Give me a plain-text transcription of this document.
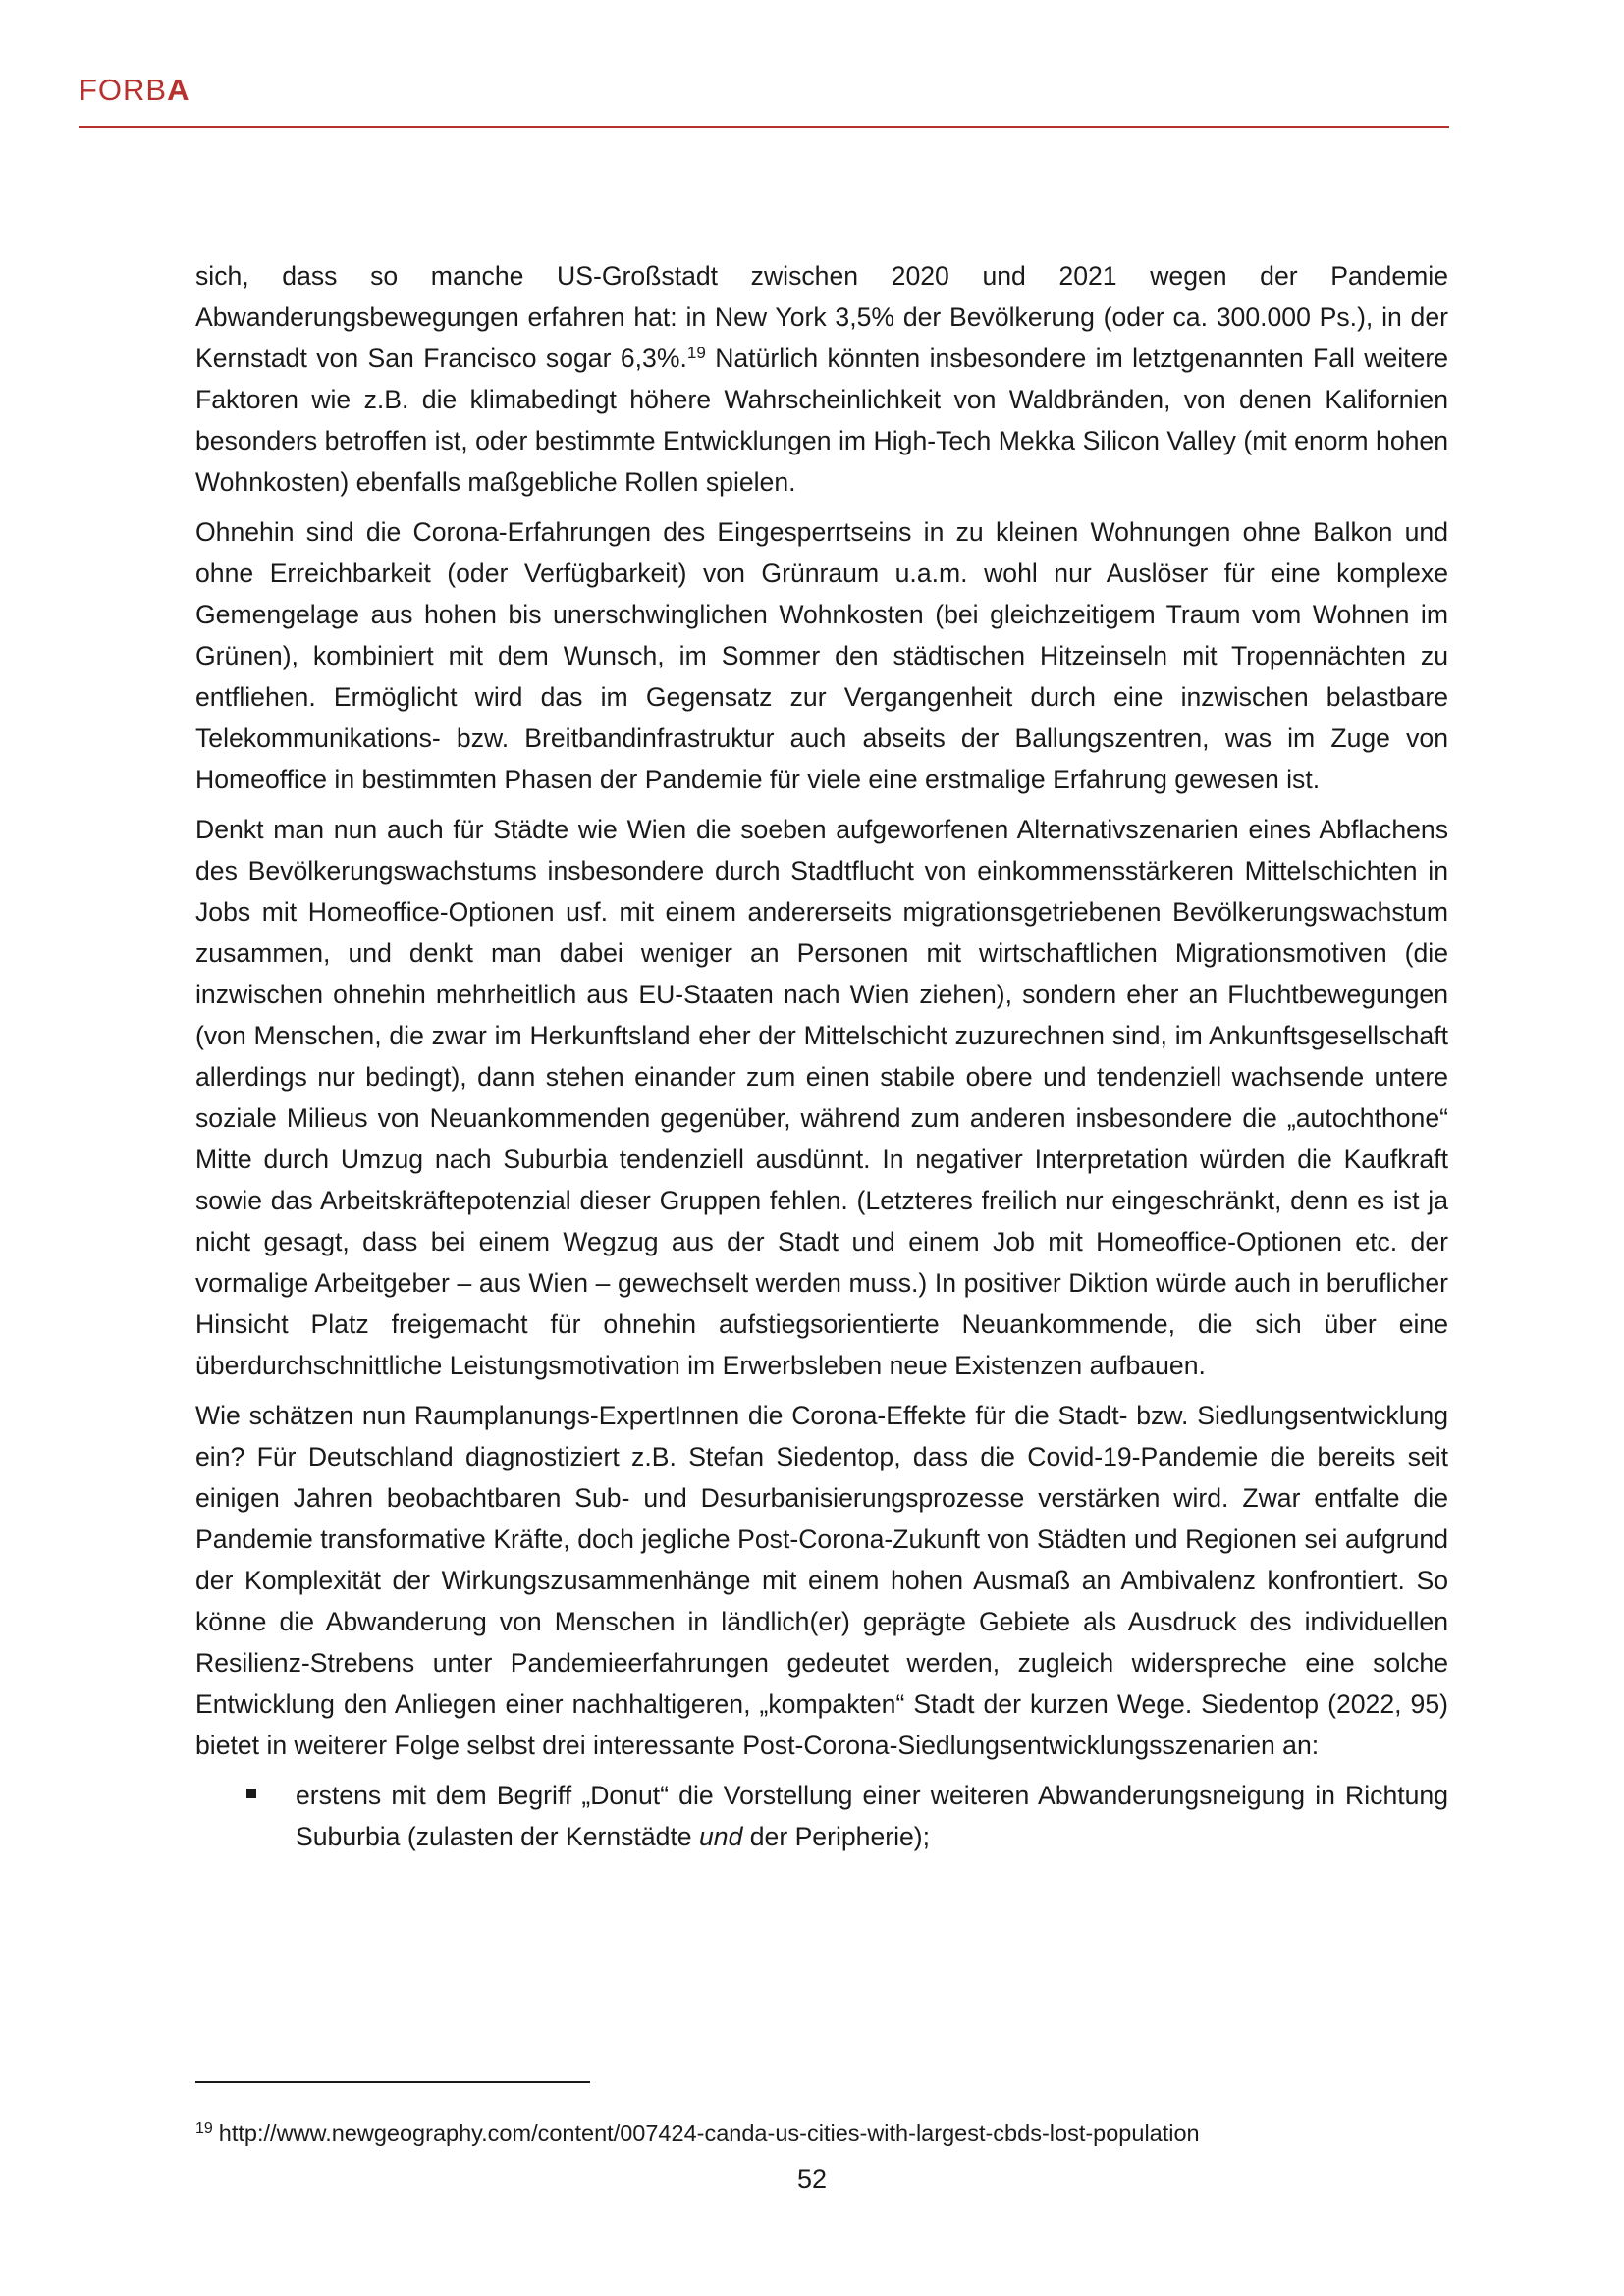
FORBA

sich, dass so manche US-Großstadt zwischen 2020 und 2021 wegen der Pandemie Abwanderungsbewegungen erfahren hat: in New York 3,5% der Bevölkerung (oder ca. 300.000 Ps.), in der Kernstadt von San Francisco sogar 6,3%.$^{19}$ Natürlich könnten insbesondere im letztgenannten Fall weitere Faktoren wie z.B. die klimabedingt höhere Wahrscheinlichkeit von Waldbränden, von denen Kalifornien besonders betroffen ist, oder bestimmte Entwicklungen im High-Tech Mekka Silicon Valley (mit enorm hohen Wohnkosten) ebenfalls maßgebliche Rollen spielen.

Ohnehin sind die Corona-Erfahrungen des Eingesperrtseins in zu kleinen Wohnungen ohne Balkon und ohne Erreichbarkeit (oder Verfügbarkeit) von Grünraum u.a.m. wohl nur Auslöser für eine komplexe Gemengelage aus hohen bis unerschwinglichen Wohnkosten (bei gleichzeitigem Traum vom Wohnen im Grünen), kombiniert mit dem Wunsch, im Sommer den städtischen Hitzeinseln mit Tropennächten zu entfliehen. Ermöglicht wird das im Gegensatz zur Vergangenheit durch eine inzwischen belastbare Telekommunikations- bzw. Breitbandinfrastruktur auch abseits der Ballungszentren, was im Zuge von Homeoffice in bestimmten Phasen der Pandemie für viele eine erstmalige Erfahrung gewesen ist.

Denkt man nun auch für Städte wie Wien die soeben aufgeworfenen Alternativszenarien eines Abflachens des Bevölkerungswachstums insbesondere durch Stadtflucht von einkommensstärkeren Mittelschichten in Jobs mit Homeoffice-Optionen usf. mit einem andererseits migrationsgetriebenen Bevölkerungswachstum zusammen, und denkt man dabei weniger an Personen mit wirtschaftlichen Migrationsmotiven (die inzwischen ohnehin mehrheitlich aus EU-Staaten nach Wien ziehen), sondern eher an Fluchtbewegungen (von Menschen, die zwar im Herkunftsland eher der Mittelschicht zuzurechnen sind, im Ankunftsgesellschaft allerdings nur bedingt), dann stehen einander zum einen stabile obere und tendenziell wachsende untere soziale Milieus von Neuankommenden gegenüber, während zum anderen insbesondere die „autochthone“ Mitte durch Umzug nach Suburbia tendenziell ausdünnt. In negativer Interpretation würden die Kaufkraft sowie das Arbeitskräftepotenzial dieser Gruppen fehlen. (Letzteres freilich nur eingeschränkt, denn es ist ja nicht gesagt, dass bei einem Wegzug aus der Stadt und einem Job mit Homeoffice-Optionen etc. der vormalige Arbeitgeber – aus Wien – gewechselt werden muss.) In positiver Diktion würde auch in beruflicher Hinsicht Platz freigemacht für ohnehin aufstiegsorientierte Neuankommende, die sich über eine überdurchschnittliche Leistungsmotivation im Erwerbsleben neue Existenzen aufbauen.

Wie schätzen nun Raumplanungs-ExpertInnen die Corona-Effekte für die Stadt- bzw. Siedlungsentwicklung ein? Für Deutschland diagnostiziert z.B. Stefan Siedentop, dass die Covid-19-Pandemie die bereits seit einigen Jahren beobachtbaren Sub- und Desurbanisierungsprozesse verstärken wird. Zwar entfalte die Pandemie transformative Kräfte, doch jegliche Post-Corona-Zukunft von Städten und Regionen sei aufgrund der Komplexität der Wirkungszusammenhänge mit einem hohen Ausmaß an Ambivalenz konfrontiert. So könne die Abwanderung von Menschen in ländlich(er) geprägte Gebiete als Ausdruck des individuellen Resilienz-Strebens unter Pandemieerfahrungen gedeutet werden, zugleich widerspreche eine solche Entwicklung den Anliegen einer nachhaltigeren, „kompakten“ Stadt der kurzen Wege. Siedentop (2022, 95) bietet in weiterer Folge selbst drei interessante Post-Corona-Siedlungsentwicklungsszenarien an:

erstens mit dem Begriff „Donut“ die Vorstellung einer weiteren Abwanderungsneigung in Richtung Suburbia (zulasten der Kernstädte und der Peripherie);
$^{19}$ http://www.newgeography.com/content/007424-canda-us-cities-with-largest-cbds-lost-population
52
